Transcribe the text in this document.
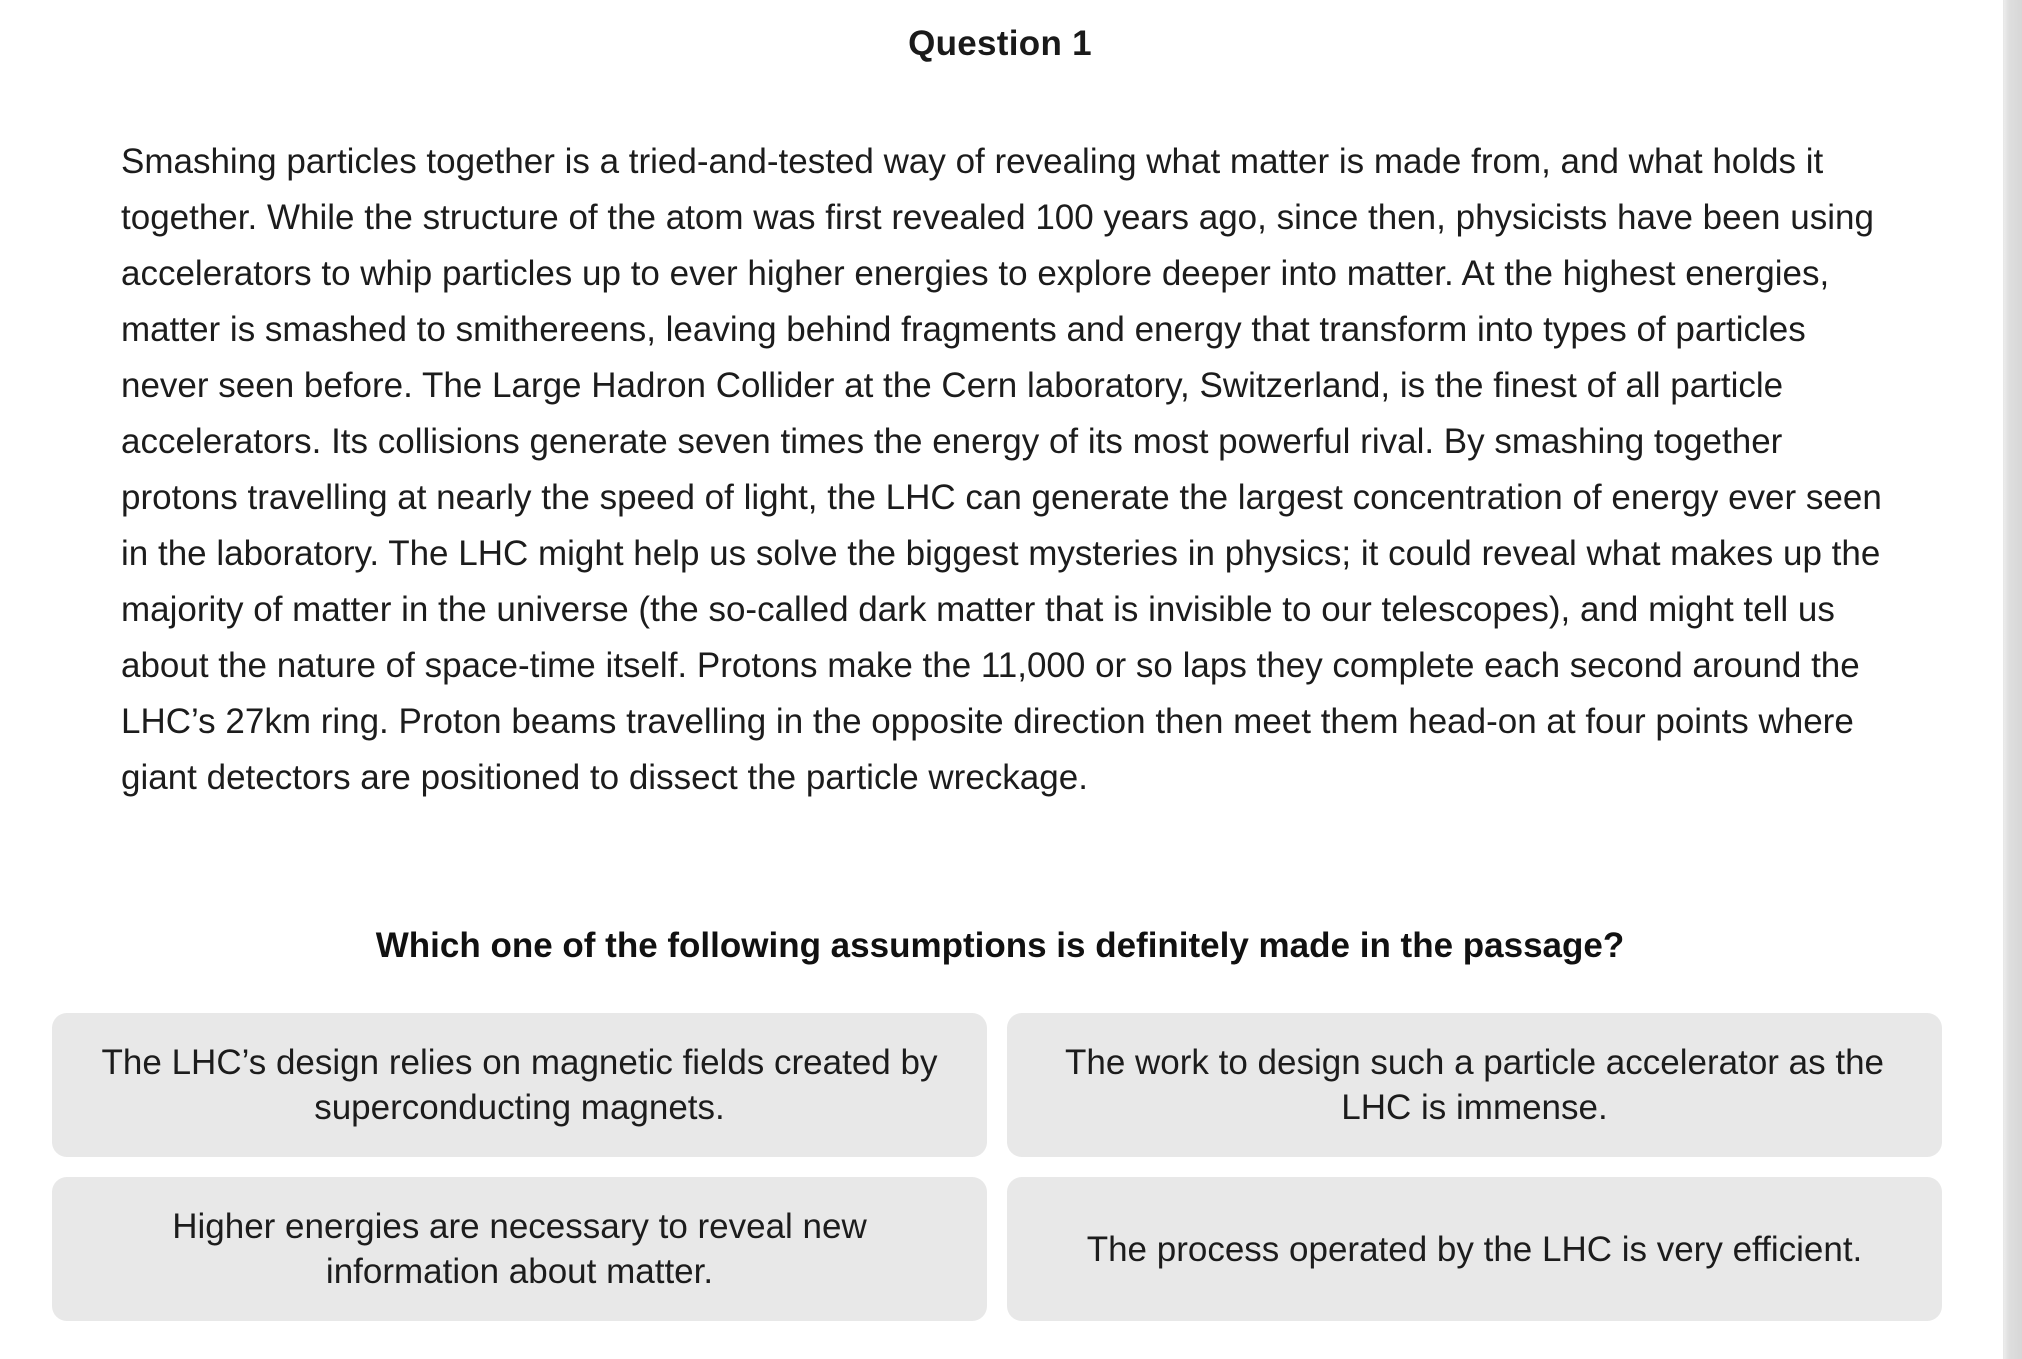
Question 1

Smashing particles together is a tried-and-tested way of revealing what matter is made from, and what holds it together. While the structure of the atom was first revealed 100 years ago, since then, physicists have been using accelerators to whip particles up to ever higher energies to explore deeper into matter. At the highest energies, matter is smashed to smithereens, leaving behind fragments and energy that transform into types of particles never seen before. The Large Hadron Collider at the Cern laboratory, Switzerland, is the finest of all particle accelerators. Its collisions generate seven times the energy of its most powerful rival. By smashing together protons travelling at nearly the speed of light, the LHC can generate the largest concentration of energy ever seen in the laboratory. The LHC might help us solve the biggest mysteries in physics; it could reveal what makes up the majority of matter in the universe (the so-called dark matter that is invisible to our telescopes), and might tell us about the nature of space-time itself. Protons make the 11,000 or so laps they complete each second around the LHC’s 27km ring. Proton beams travelling in the opposite direction then meet them head-on at four points where giant detectors are positioned to dissect the particle wreckage.

Which one of the following assumptions is definitely made in the passage?
The LHC’s design relies on magnetic fields created by superconducting magnets.
The work to design such a particle accelerator as the LHC is immense.
Higher energies are necessary to reveal new information about matter.
The process operated by the LHC is very efficient.
